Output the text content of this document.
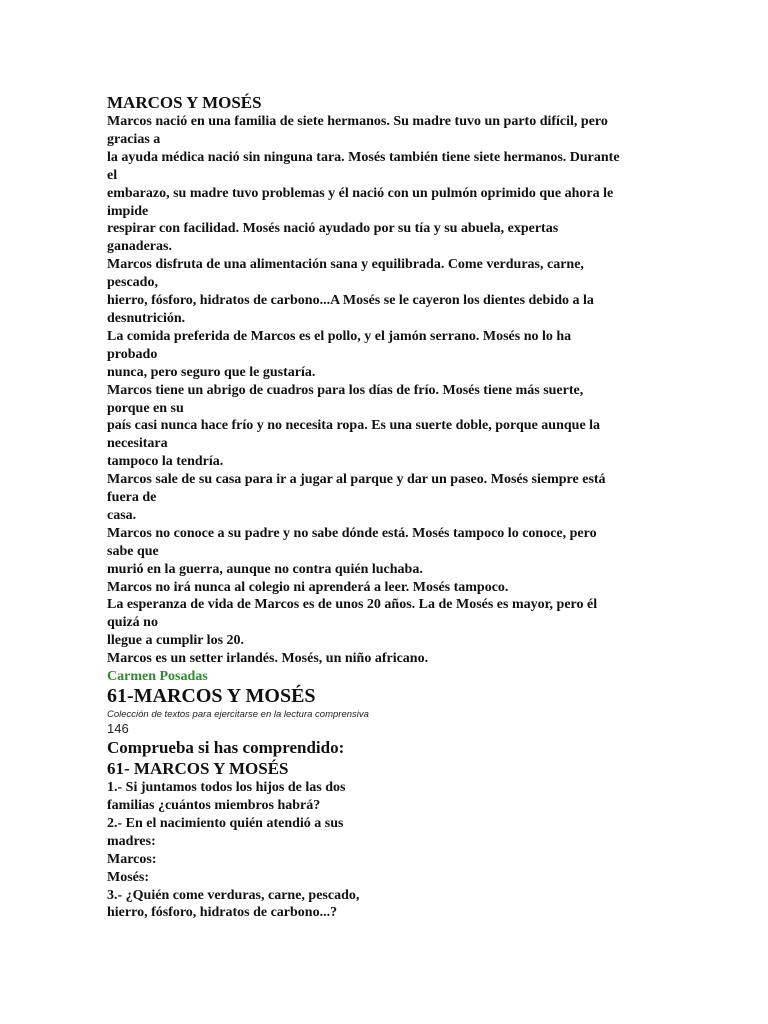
MARCOS Y MOSÉS
Marcos nació en una familia de siete hermanos. Su madre tuvo un parto difícil, pero
gracias a
la ayuda médica nació sin ninguna tara. Mosés también tiene siete hermanos. Durante
el
embarazo, su madre tuvo problemas y él nació con un pulmón oprimido que ahora le
impide
respirar con facilidad. Mosés nació ayudado por su tía y su abuela, expertas
ganaderas.
Marcos disfruta de una alimentación sana y equilibrada. Come verduras, carne,
pescado,
hierro, fósforo, hidratos de carbono...A Mosés se le cayeron los dientes debido a la
desnutrición.
La comida preferida de Marcos es el pollo, y el jamón serrano. Mosés no lo ha
probado
nunca, pero seguro que le gustaría.
Marcos tiene un abrigo de cuadros para los días de frío. Mosés tiene más suerte,
porque en su
país casi nunca hace frío y no necesita ropa. Es una suerte doble, porque aunque la
necesitara
tampoco la tendría.
Marcos sale de su casa para ir a jugar al parque y dar un paseo. Mosés siempre está
fuera de
casa.
Marcos no conoce a su padre y no sabe dónde está. Mosés tampoco lo conoce, pero
sabe que
murió en la guerra, aunque no contra quién luchaba.
Marcos no irá nunca al colegio ni aprenderá a leer. Mosés tampoco.
La esperanza de vida de Marcos es de unos 20 años. La de Mosés es mayor, pero él
quizá no
llegue a cumplir los 20.
Marcos es un setter irlandés. Mosés, un niño africano.
Carmen Posadas
61-MARCOS Y MOSÉS
Colección de textos para ejercitarse en la lectura comprensiva
146
Comprueba si has comprendido:
61- MARCOS Y MOSÉS
1.- Si juntamos todos los hijos de las dos
familias ¿cuántos miembros habrá?
2.- En el nacimiento quién atendió a sus
madres:
Marcos:
Mosés:
3.- ¿Quién come verduras, carne, pescado,
hierro, fósforo, hidratos de carbono...?
